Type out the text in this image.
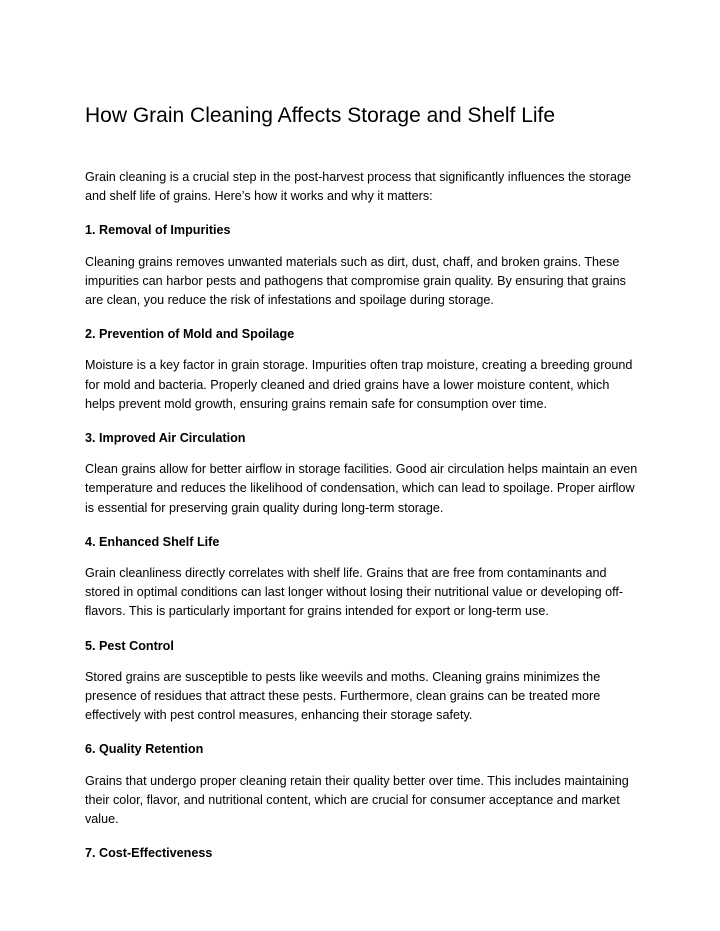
How Grain Cleaning Affects Storage and Shelf Life

Grain cleaning is a crucial step in the post-harvest process that significantly influences the storage and shelf life of grains. Here’s how it works and why it matters:

1. Removal of Impurities

Cleaning grains removes unwanted materials such as dirt, dust, chaff, and broken grains. These impurities can harbor pests and pathogens that compromise grain quality. By ensuring that grains are clean, you reduce the risk of infestations and spoilage during storage.

2. Prevention of Mold and Spoilage

Moisture is a key factor in grain storage. Impurities often trap moisture, creating a breeding ground for mold and bacteria. Properly cleaned and dried grains have a lower moisture content, which helps prevent mold growth, ensuring grains remain safe for consumption over time.

3. Improved Air Circulation

Clean grains allow for better airflow in storage facilities. Good air circulation helps maintain an even temperature and reduces the likelihood of condensation, which can lead to spoilage. Proper airflow is essential for preserving grain quality during long-term storage.

4. Enhanced Shelf Life

Grain cleanliness directly correlates with shelf life. Grains that are free from contaminants and stored in optimal conditions can last longer without losing their nutritional value or developing off-flavors. This is particularly important for grains intended for export or long-term use.

5. Pest Control

Stored grains are susceptible to pests like weevils and moths. Cleaning grains minimizes the presence of residues that attract these pests. Furthermore, clean grains can be treated more effectively with pest control measures, enhancing their storage safety.

6. Quality Retention

Grains that undergo proper cleaning retain their quality better over time. This includes maintaining their color, flavor, and nutritional content, which are crucial for consumer acceptance and market value.

7. Cost-Effectiveness
